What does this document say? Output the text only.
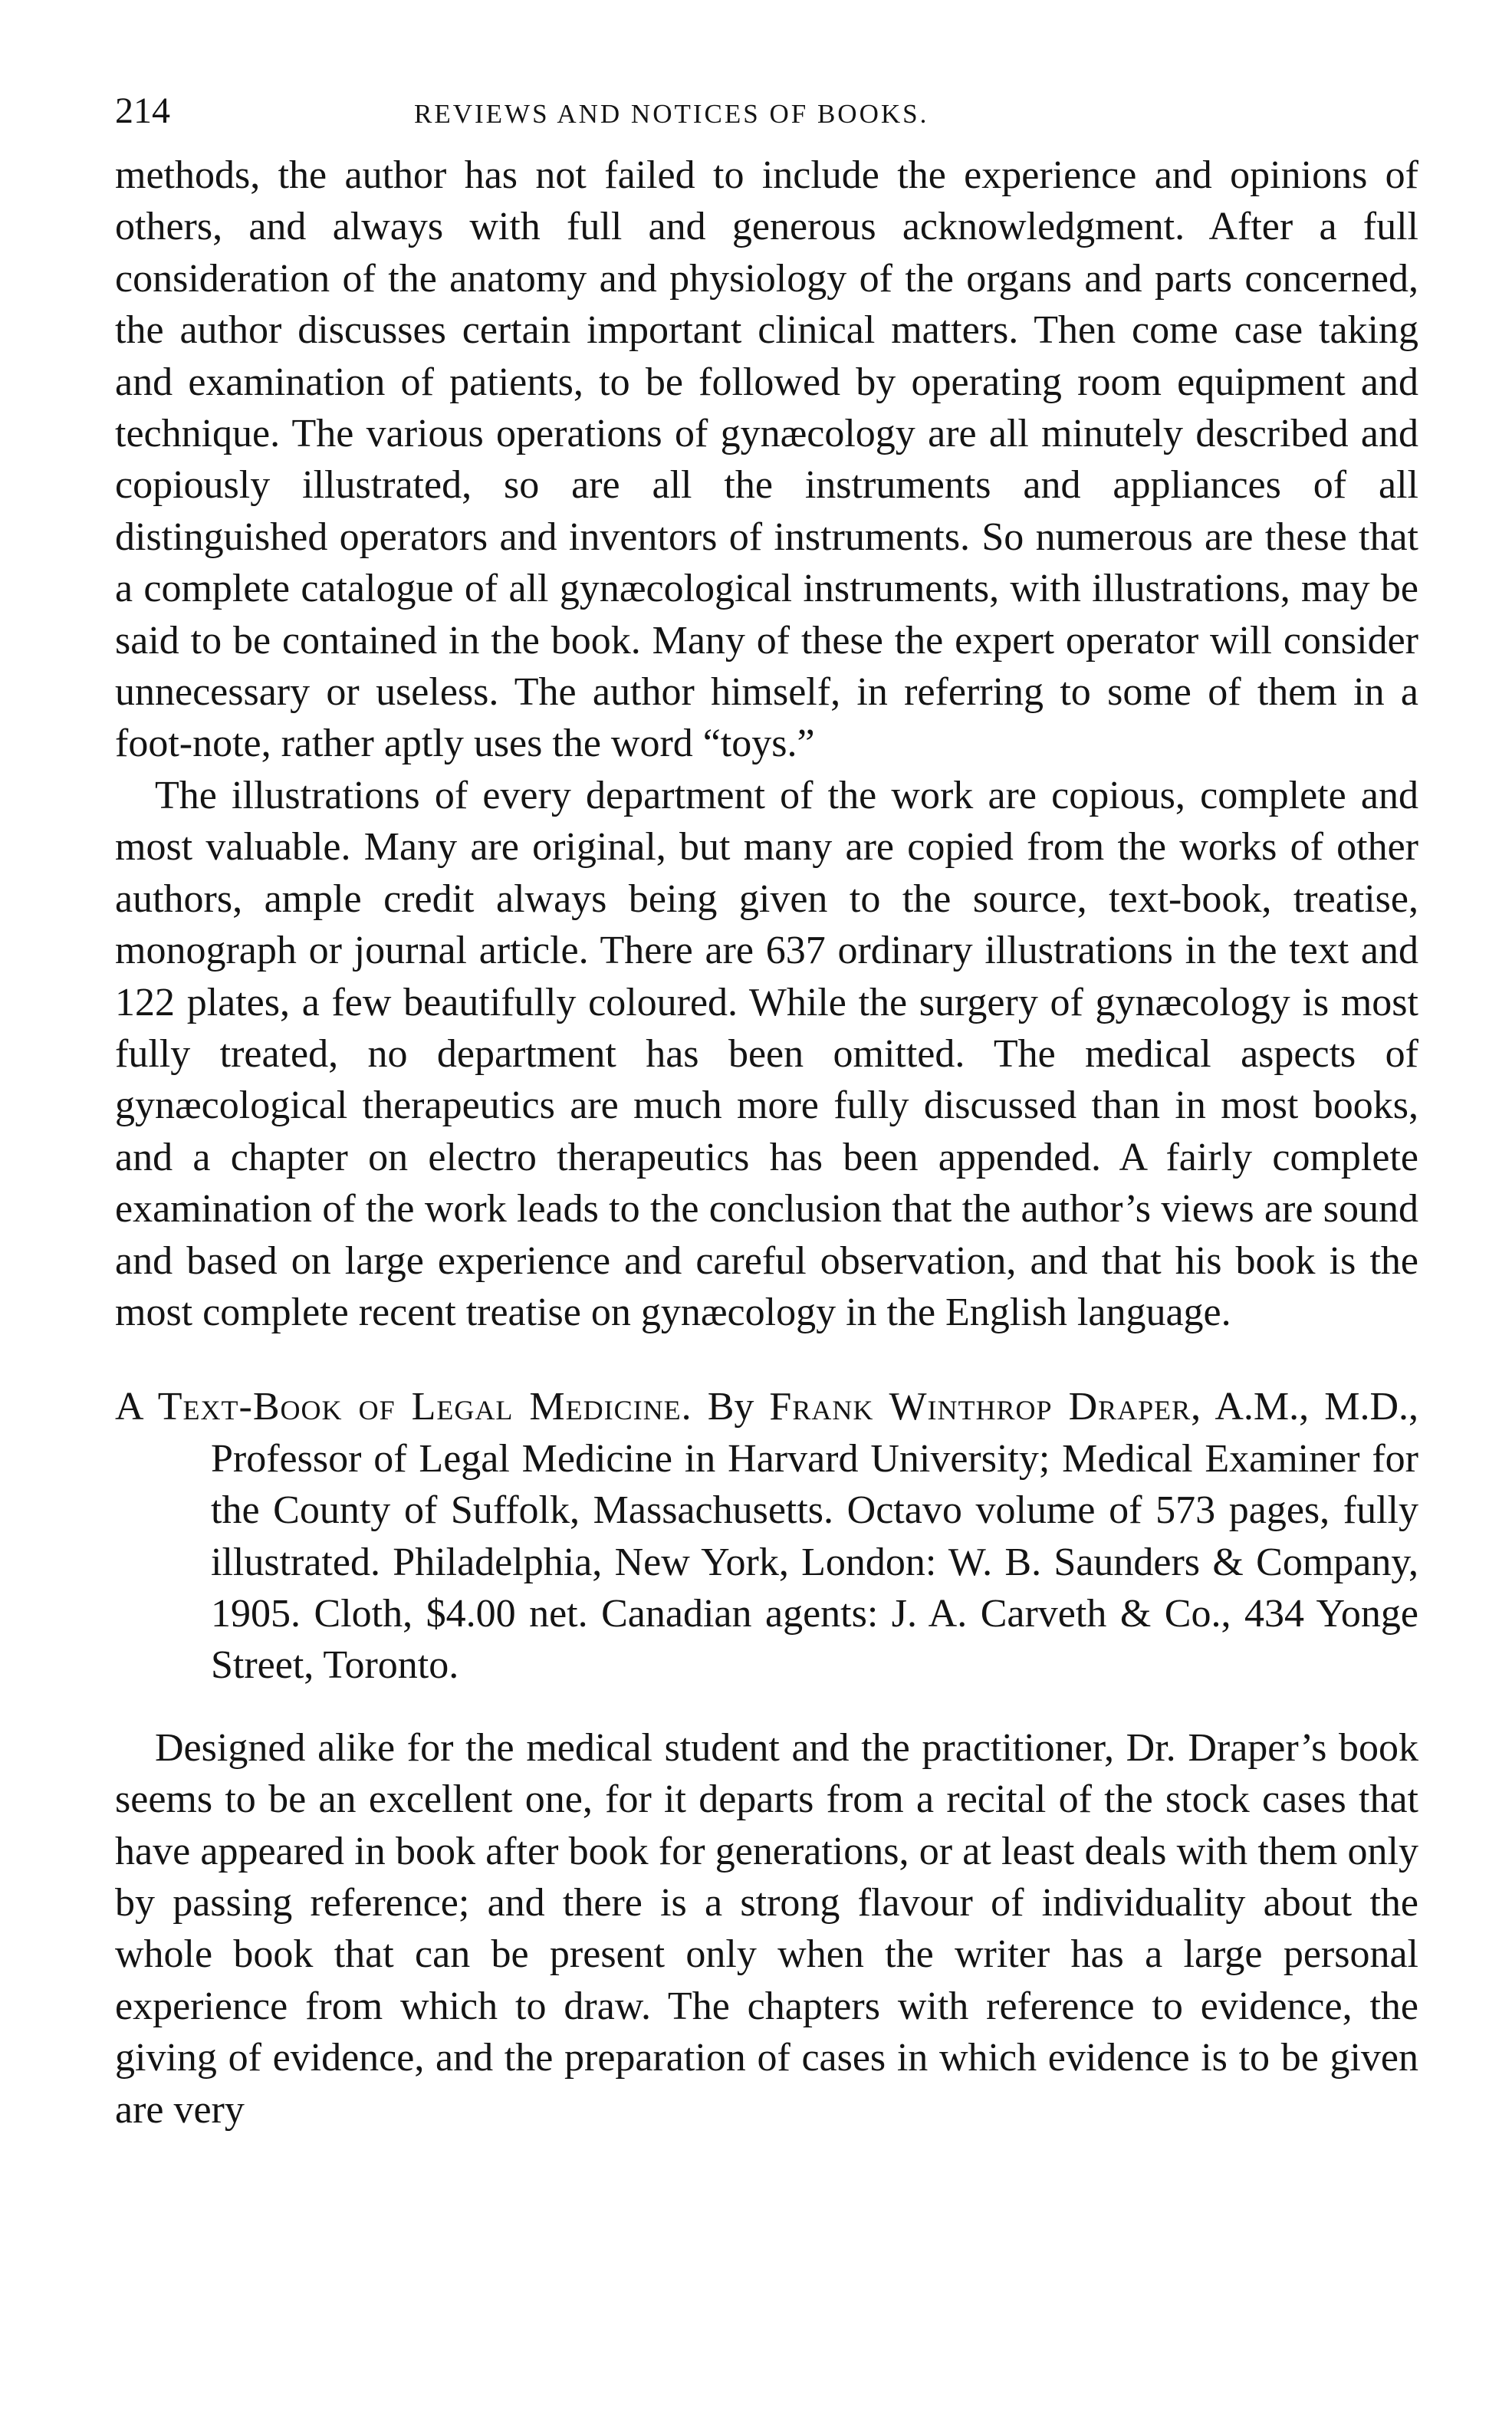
214	REVIEWS AND NOTICES OF BOOKS.

methods, the author has not failed to include the experience and opinions of others, and always with full and generous acknowledgment. After a full consideration of the anatomy and physiology of the organs and parts concerned, the author discusses certain important clinical matters. Then come case taking and examination of patients, to be followed by operating room equipment and technique. The various operations of gynæcology are all minutely described and copiously illustrated, so are all the instruments and appliances of all distinguished operators and inventors of instruments. So numerous are these that a complete catalogue of all gynæcological instruments, with illustrations, may be said to be contained in the book. Many of these the expert operator will consider unnecessary or useless. The author himself, in referring to some of them in a foot-note, rather aptly uses the word “toys.”

The illustrations of every department of the work are copious, complete and most valuable. Many are original, but many are copied from the works of other authors, ample credit always being given to the source, text-book, treatise, monograph or journal article. There are 637 ordinary illustrations in the text and 122 plates, a few beautifully coloured. While the surgery of gynæcology is most fully treated, no department has been omitted. The medical aspects of gynæcological therapeutics are much more fully discussed than in most books, and a chapter on electro therapeutics has been appended. A fairly complete examination of the work leads to the conclusion that the author’s views are sound and based on large experience and careful observation, and that his book is the most complete recent treatise on gynæcology in the English language.

A Text-Book of Legal Medicine. By Frank Winthrop Draper, A.M., M.D., Professor of Legal Medicine in Harvard University; Medical Examiner for the County of Suffolk, Massachusetts. Octavo volume of 573 pages, fully illustrated. Philadelphia, New York, London: W. B. Saunders & Company, 1905. Cloth, $4.00 net. Canadian agents: J. A. Carveth & Co., 434 Yonge Street, Toronto.

Designed alike for the medical student and the practitioner, Dr. Draper’s book seems to be an excellent one, for it departs from a recital of the stock cases that have appeared in book after book for generations, or at least deals with them only by passing reference; and there is a strong flavour of individuality about the whole book that can be present only when the writer has a large personal experience from which to draw. The chapters with reference to evidence, the giving of evidence, and the preparation of cases in which evidence is to be given are very
